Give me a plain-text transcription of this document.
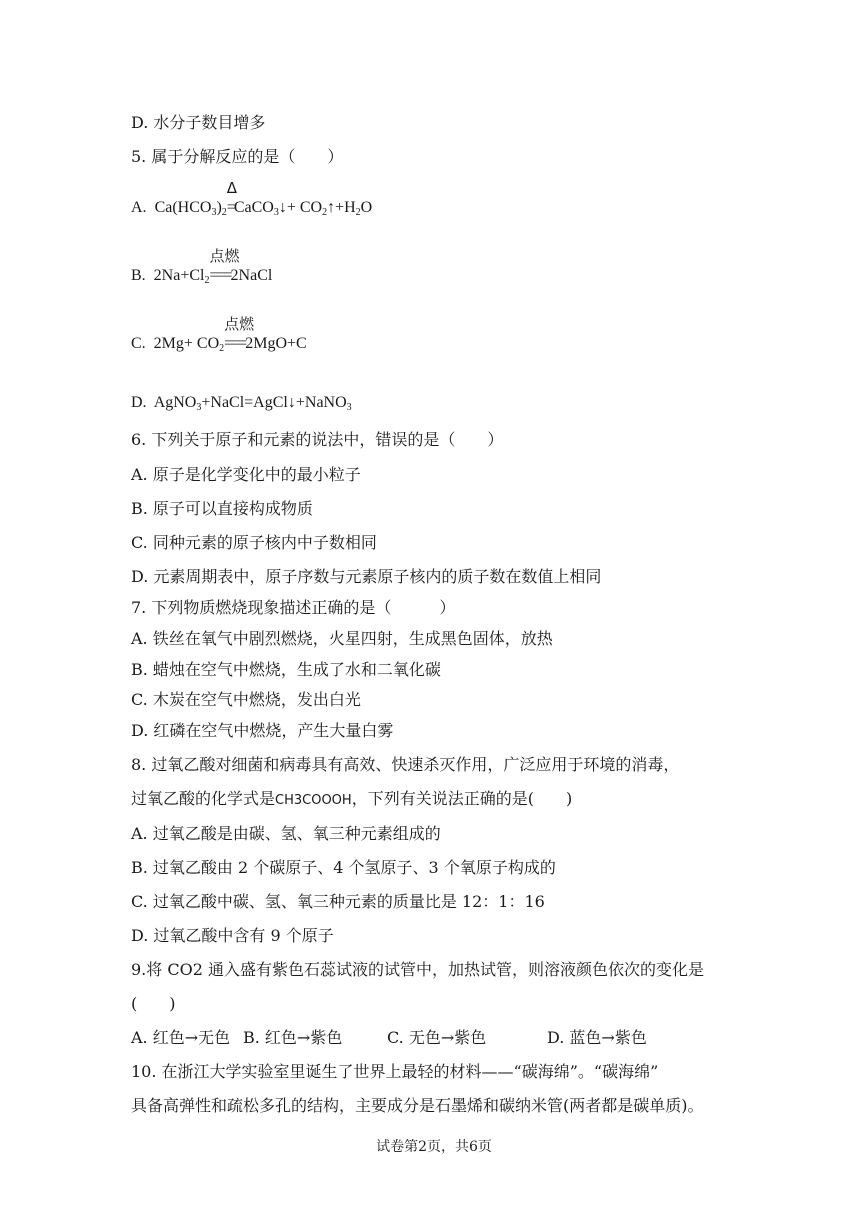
D. 水分子数目增多
5. 属于分解反应的是（　　）
A. $Ca(HCO_3)_2$
Δ
=CaCO$_3$↓+ $CO_2↑+H_2O$
B. $2Na+Cl_2$
点燃
===2NaCl
C. $2Mg+ CO_2$
点燃
===2MgO+C
D. AgNO$_3$+NaCl=AgCl↓+NaNO$_3$
6. 下列关于原子和元素的说法中，错误的是（　　）
A. 原子是化学变化中的最小粒子
B. 原子可以直接构成物质
C. 同种元素的原子核内中子数相同
D. 元素周期表中，原子序数与元素原子核内的质子数在数值上相同
7. 下列物质燃烧现象描述正确的是（　　　）
A. 铁丝在氧气中剧烈燃烧，火星四射，生成黑色固体，放热
B. 蜡烛在空气中燃烧，生成了水和二氧化碳
C. 木炭在空气中燃烧，发出白光
D. 红磷在空气中燃烧，产生大量白雾
8. 过氧乙酸对细菌和病毒具有高效、快速杀灭作用，广泛应用于环境的消毒，
过氧乙酸的化学式是CH3COOOH，下列有关说法正确的是(　　)
A. 过氧乙酸是由碳、氢、氧三种元素组成的
B. 过氧乙酸由 2 个碳原子、4 个氢原子、3 个氧原子构成的
C. 过氧乙酸中碳、氢、氧三种元素的质量比是 12：1：16
D. 过氧乙酸中含有 9 个原子
9.将 CO2 通入盛有紫色石蕊试液的试管中，加热试管，则溶液颜色依次的变化是
(　　)
A. 红色→无色 B. 红色→紫色	C. 无色→紫色	D. 蓝色→紫色
10. 在浙江大学实验室里诞生了世界上最轻的材料——“碳海绵”。“碳海绵”
具备高弹性和疏松多孔的结构，主要成分是石墨烯和碳纳米管(两者都是碳单质)。
试卷第2页，共6页
